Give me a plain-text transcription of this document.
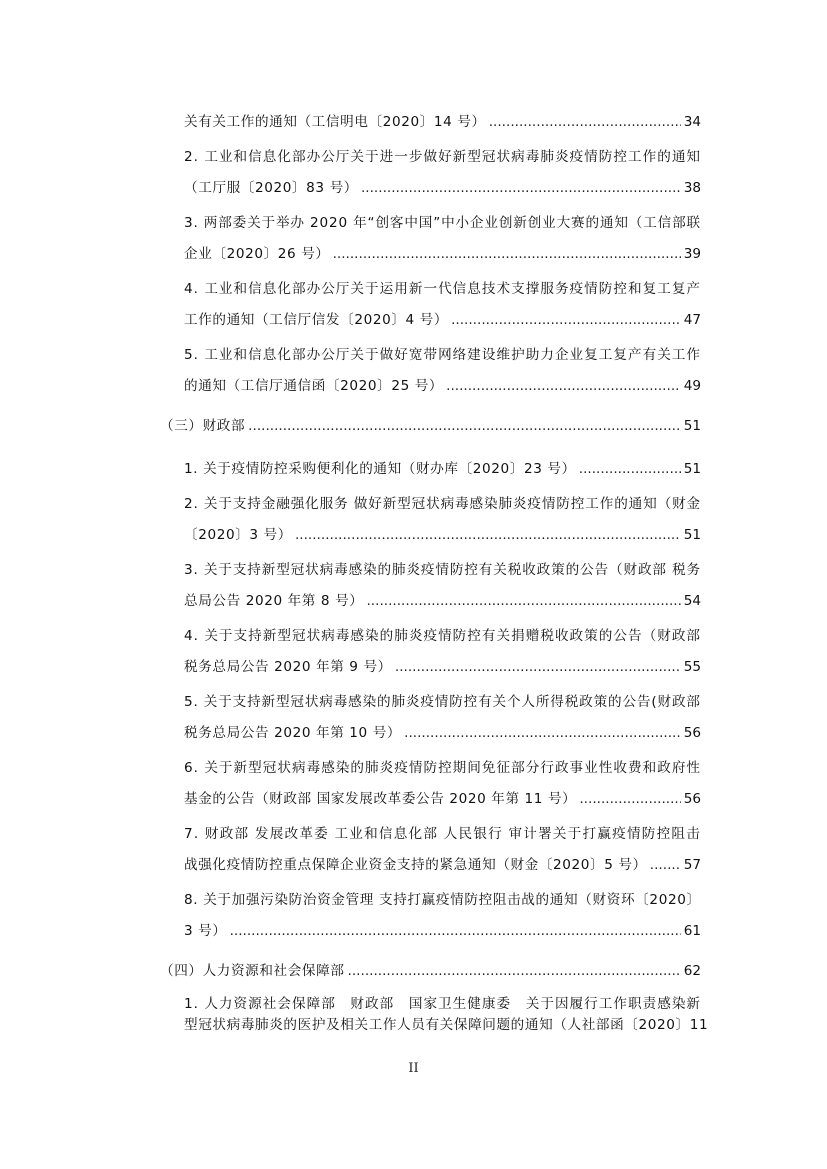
关有关工作的通知（工信明电〔2020〕14 号） .....	34
2 .
工 业 和 信 息 化 部 办 公 厅 关 于 进 一 步 做 好 新 型 冠 状 病 毒 肺 炎 疫 情 防 控 工 作 的 通 知
（工厅服〔2020〕83 号） .....	38
3 .
两 部 委 关 于 举 办
2 0 2 0
年 “ 创 客 中 国 ” 中 小 企 业 创 新 创 业 大 赛 的 通 知 （ 工 信 部 联
企业〔2020〕26 号） .....	39
4 .
工 业 和 信 息 化 部 办 公 厅 关 于 运 用 新 一 代 信 息 技 术 支 撑 服 务 疫 情 防 控 和 复 工 复 产
工作的通知（工信厅信发〔2020〕4 号） .....	47
5 .
工 业 和 信 息 化 部 办 公 厅 关 于 做 好 宽 带 网 络 建 设 维 护 助 力 企 业 复 工 复 产 有 关 工 作
的通知（工信厅通信函〔2020〕25 号） .....	49
（三）财政部 .....	51
1. 关于疫情防控采购便利化的通知（财办库〔2020〕23 号） .....	51
2 .
关 于 支 持 金 融 强 化 服 务
做 好 新 型 冠 状 病 毒 感 染 肺 炎 疫 情 防 控 工 作 的 通 知 （ 财 金
〔2020〕3 号） .....	51
3 .
关 于 支 持 新 型 冠 状 病 毒 感 染 的 肺 炎 疫 情 防 控 有 关 税 收 政 策 的 公 告 （ 财 政 部
税 务
总局公告 2020 年第 8 号） .....	54
4 .
关 于 支 持 新 型 冠 状 病 毒 感 染 的 肺 炎 疫 情 防 控 有 关 捐 赠 税 收 政 策 的 公 告 （ 财 政 部
税务总局公告 2020 年第 9 号） .....	55
5 .
关 于 支 持 新 型 冠 状 病 毒 感 染 的 肺 炎 疫 情 防 控 有 关 个 人 所 得 税 政 策 的 公 告 ( 财 政 部
税务总局公告 2020 年第 10 号） .....	56
6 .
关 于 新 型 冠 状 病 毒 感 染 的 肺 炎 疫 情 防 控 期 间 免 征 部 分 行 政 事 业 性 收 费 和 政 府 性
基金的公告（财政部 国家发展改革委公告 2020 年第 11 号） .....	56
7 .
财 政 部
发 展 改 革 委
工 业 和 信 息 化 部
人 民 银 行
审 计 署 关 于 打 赢 疫 情 防 控 阻 击
战强化疫情防控重点保障企业资金支持的紧急通知（财金〔2020〕5 号） .....	57
8 .
关 于 加 强 污 染 防 治 资 金 管 理
支 持 打 赢 疫 情 防 控 阻 击 战 的 通 知 （ 财 资 环 〔 2 0 2 0 〕
3 号） .....	61
（四）人力资源和社会保障部 .....	62
1 .
人 力 资 源 社 会 保 障 部
　 财 政 部
　 国 家 卫 生 健 康 委
　 关 于 因 履 行 工 作 职 责 感 染 新
型 冠 状 病 毒 肺 炎 的 医 护 及 相 关 工 作 人 员 有 关 保 障 问 题 的 通 知 （ 人 社 部 函 〔 2 0 2 0 〕 1 1
II
